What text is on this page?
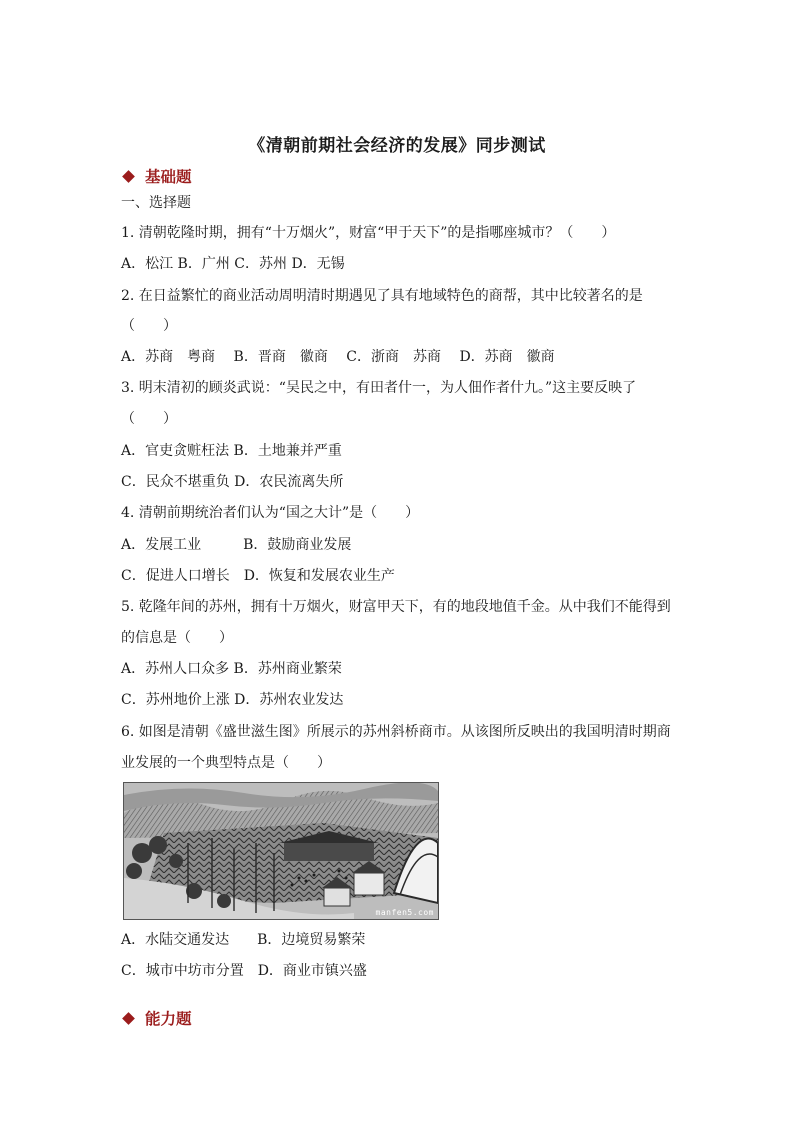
《清朝前期社会经济的发展》同步测试
基础题
一、选择题
1. 清朝乾隆时期，拥有“十万烟火”，财富“甲于天下”的是指哪座城市？（　　）
A．松江 B．广州 C．苏州 D．无锡
2. 在日益繁忙的商业活动周明清时期遇见了具有地域特色的商帮，其中比较著名的是
（　　）
A．苏商　粤商　 B．晋商　徽商　 C．浙商　苏商　 D．苏商　徽商
3. 明末清初的顾炎武说：“吴民之中，有田者什一，为人佃作者什九。”这主要反映了
（　　）
A．官吏贪赃枉法 B．土地兼并严重
C．民众不堪重负 D．农民流离失所
4. 清朝前期统治者们认为“国之大计”是（　　）
A．发展工业　　　B．鼓励商业发展
C．促进人口增长　D．恢复和发展农业生产
5. 乾隆年间的苏州，拥有十万烟火，财富甲天下，有的地段地值千金。从中我们不能得到
的信息是（　　）
A．苏州人口众多 B．苏州商业繁荣
C．苏州地价上涨 D．苏州农业发达
6. 如图是清朝《盛世滋生图》所展示的苏州斜桥商市。从该图所反映出的我国明清时期商
业发展的一个典型特点是（　　）
manfen5.com
A．水陆交通发达　　B．边境贸易繁荣
C．城市中坊市分置　D．商业市镇兴盛
能力题
